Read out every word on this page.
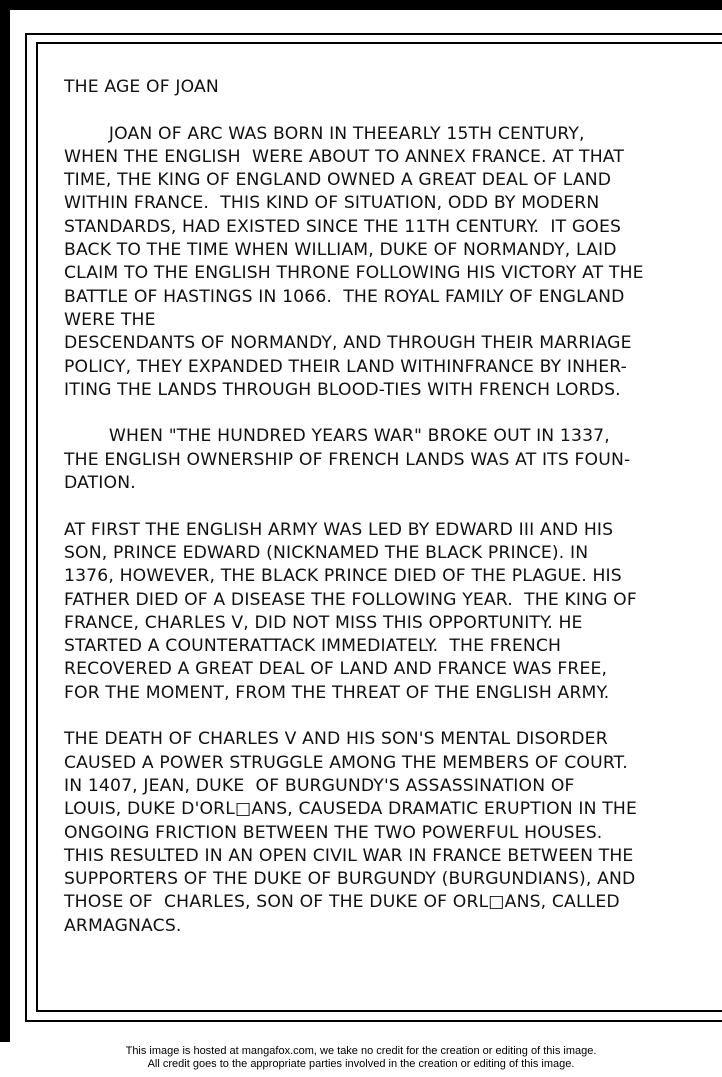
THE AGE OF JOAN

JOAN OF ARC WAS BORN IN THEEARLY 15TH CENTURY,

WHEN THE ENGLISH  WERE ABOUT TO ANNEX FRANCE. AT THAT

TIME, THE KING OF ENGLAND OWNED A GREAT DEAL OF LAND

WITHIN FRANCE.  THIS KIND OF SITUATION, ODD BY MODERN

STANDARDS, HAD EXISTED SINCE THE 11TH CENTURY.  IT GOES

BACK TO THE TIME WHEN WILLIAM, DUKE OF NORMANDY, LAID

CLAIM TO THE ENGLISH THRONE FOLLOWING HIS VICTORY AT THE

BATTLE OF HASTINGS IN 1066.  THE ROYAL FAMILY OF ENGLAND

WERE THE

DESCENDANTS OF NORMANDY, AND THROUGH THEIR MARRIAGE

POLICY, THEY EXPANDED THEIR LAND WITHINFRANCE BY INHER-

ITING THE LANDS THROUGH BLOOD-TIES WITH FRENCH LORDS.

WHEN "THE HUNDRED YEARS WAR" BROKE OUT IN 1337,

THE ENGLISH OWNERSHIP OF FRENCH LANDS WAS AT ITS FOUN-

DATION.

AT FIRST THE ENGLISH ARMY WAS LED BY EDWARD III AND HIS

SON, PRINCE EDWARD (NICKNAMED THE BLACK PRINCE). IN

1376, HOWEVER, THE BLACK PRINCE DIED OF THE PLAGUE. HIS

FATHER DIED OF A DISEASE THE FOLLOWING YEAR.  THE KING OF

FRANCE, CHARLES V, DID NOT MISS THIS OPPORTUNITY. HE

STARTED A COUNTERATTACK IMMEDIATELY.  THE FRENCH

RECOVERED A GREAT DEAL OF LAND AND FRANCE WAS FREE,

FOR THE MOMENT, FROM THE THREAT OF THE ENGLISH ARMY.

THE DEATH OF CHARLES V AND HIS SON'S MENTAL DISORDER

CAUSED A POWER STRUGGLE AMONG THE MEMBERS OF COURT.

IN 1407, JEAN, DUKE  OF BURGUNDY'S ASSASSINATION OF

LOUIS, DUKE D'ORL□ANS, CAUSEDA DRAMATIC ERUPTION IN THE

ONGOING FRICTION BETWEEN THE TWO POWERFUL HOUSES.

THIS RESULTED IN AN OPEN CIVIL WAR IN FRANCE BETWEEN THE

SUPPORTERS OF THE DUKE OF BURGUNDY (BURGUNDIANS), AND

THOSE OF  CHARLES, SON OF THE DUKE OF ORL□ANS, CALLED

ARMAGNACS.

This image is hosted at mangafox.com, we take no credit for the creation or editing of this image.
All credit goes to the appropriate parties involved in the creation or editing of this image.
